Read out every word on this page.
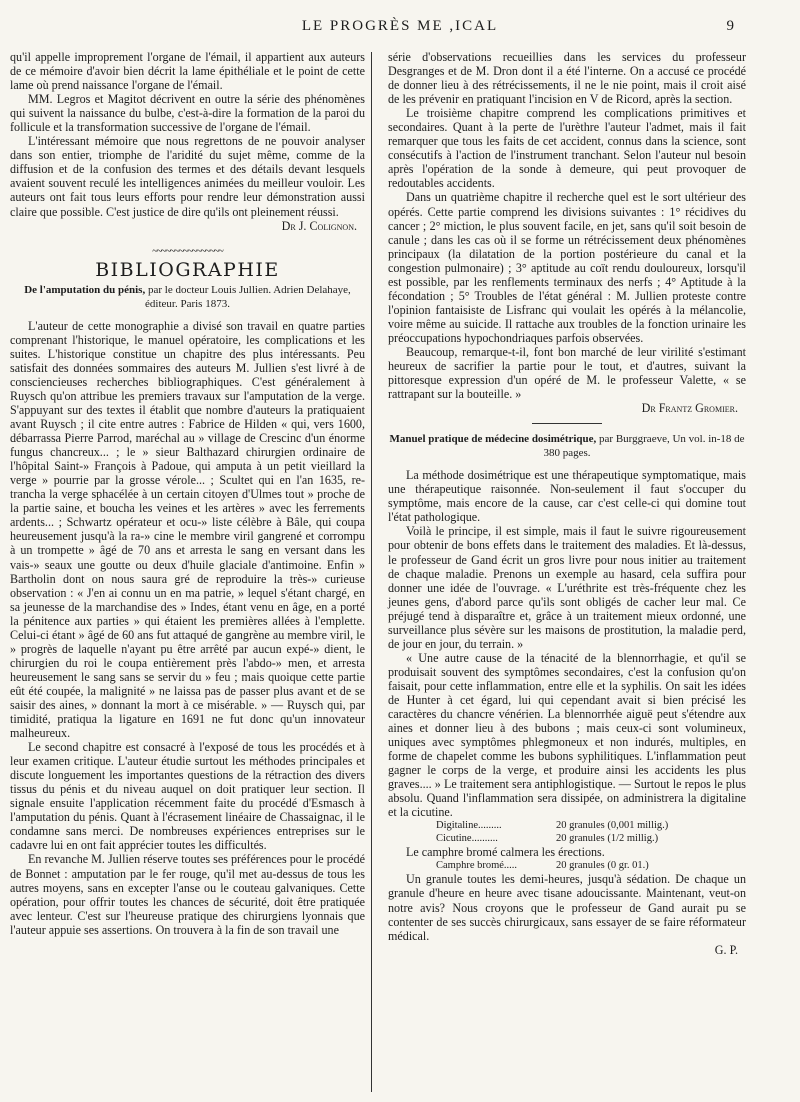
LE PROGRÈS ME ,ICAL	9

qu'il appelle improprement l'organe de l'émail, il appartient aux auteurs de ce mémoire d'avoir bien décrit la lame épithéliale et le point de cette lame où prend naissance l'organe de l'émail.

MM. Legros et Magitot décrivent en outre la série des phénomènes qui suivent la naissance du bulbe, c'est-à-dire la formation de la paroi du follicule et la transformation successive de l'organe de l'émail.

L'intéressant mémoire que nous regrettons de ne pouvoir analyser dans son entier, triomphe de l'aridité du sujet même, comme de la diffusion et de la confusion des termes et des détails devant lesquels avaient souvent reculé les intelligences animées du meilleur vouloir. Les auteurs ont fait tous leurs efforts pour rendre leur démonstration aussi claire que possible. C'est justice de dire qu'ils ont pleinement réussi.

Dr J. Colignon.

~~~~~~~~~~~~~~~~
BIBLIOGRAPHIE
De l'amputation du pénis, par le docteur Louis Jullien. Adrien Delahaye, éditeur. Paris 1873.

L'auteur de cette monographie a divisé son travail en quatre parties comprenant l'historique, le manuel opératoire, les complications et les suites. L'historique constitue un chapitre des plus intéressants. Peu satisfait des données sommaires des auteurs M. Jullien s'est livré à de consciencieuses recherches bibliographiques. C'est généralement à Ruysch qu'on attribue les premiers travaux sur l'amputation de la verge. S'appuyant sur des textes il établit que nombre d'auteurs la pratiquaient avant Ruysch ; il cite entre autres : Fabrice de Hilden « qui, vers 1600, débarrassa Pierre Parrod, maréchal au » village de Crescinc d'un énorme fungus chancreux... ; le » sieur Balthazard chirurgien ordinaire de l'hôpital Saint-» François à Padoue, qui amputa à un petit vieillard la verge » pourrie par la grosse vérole... ; Scultet qui en l'an 1635, re-tranchа la verge sphacélée à un certain citoyen d'Ulmes tout » proche de la partie saine, et boucha les veines et les artères » avec les ferrements ardents... ; Schwartz opérateur et ocu-» liste célèbre à Bâle, qui coupa heureusement jusqu'à la ra-» cine le membre viril gangrené et corrompu à un trompette » âgé de 70 ans et arresta le sang en versant dans les vais-» seaux une goutte ou deux d'huile glaciale d'antimoine. Enfin » Bartholin dont on nous saura gré de reproduire la très-» curieuse observation : « J'en ai connu un en ma patrie, » lequel s'étant chargé, en sa jeunesse de la marchandise des » Indes, étant venu en âge, en a porté la pénitence aux parties » qui étaient les premières allées à l'emplette. Celui-ci étant » âgé de 60 ans fut attaqué de gangrène au membre viril, le » progrès de laquelle n'ayant pu être arrêté par aucun expé-» dient, le chirurgien du roi le coupa entièrement près l'abdo-» men, et arresta heureusement le sang sans se servir du » feu ; mais quoique cette partie eût été coupée, la malignité » ne laissa pas de passer plus avant et de se saisir des aines, » donnant la mort à ce misérable. » — Ruysch qui, par timidité, pratiqua la ligature en 1691 ne fut donc qu'un innovateur malheureux.

Le second chapitre est consacré à l'exposé de tous les procédés et à leur examen critique. L'auteur étudie surtout les méthodes principales et discute longuement les importantes questions de la rétraction des divers tissus du pénis et du niveau auquel on doit pratiquer leur section. Il signale ensuite l'application récemment faite du procédé d'Esmasch à l'amputation du pénis. Quant à l'écrasement linéaire de Chassaignac, il le condamne sans merci. De nombreuses expériences entreprises sur le cadavre lui en ont fait apprécier toutes les difficultés.

En revanche M. Jullien réserve toutes ses préférences pour le procédé de Bonnet : amputation par le fer rouge, qu'il met au-dessus de tous les autres moyens, sans en excepter l'anse ou le couteau galvaniques. Cette opération, pour offrir toutes les chances de sécurité, doit être pratiquée avec lenteur. C'est sur l'heureuse pratique des chirurgiens lyonnais que l'auteur appuie ses assertions. On trouvera à la fin de son travail une

série d'observations recueillies dans les services du professeur Desgranges et de M. Dron dont il a été l'interne. On a accusé ce procédé de donner lieu à des rétrécissements, il ne le nie point, mais il croit aisé de les prévenir en pratiquant l'incision en V de Ricord, après la section.

Le troisième chapitre comprend les complications primitives et secondaires. Quant à la perte de l'urèthre l'auteur l'admet, mais il fait remarquer que tous les faits de cet accident, connus dans la science, sont consécutifs à l'action de l'instrument tranchant. Selon l'auteur nul besoin après l'opération de la sonde à demeure, qui peut provoquer de redoutables accidents.

Dans un quatrième chapitre il recherche quel est le sort ultérieur des opérés. Cette partie comprend les divisions suivantes : 1° récidives du cancer ; 2° miction, le plus souvent facile, en jet, sans qu'il soit besoin de canule ; dans les cas où il se forme un rétrécissement deux phénomènes principaux (la dilatation de la portion postérieure du canal et la congestion pulmonaire) ; 3° aptitude au coït rendu douloureux, lorsqu'il est possible, par les renflements terminaux des nerfs ; 4° Aptitude à la fécondation ; 5° Troubles de l'état général : M. Jullien proteste contre l'opinion fantaisiste de Lisfranc qui voulait les opérés à la mélancolie, voire même au suicide. Il rattache aux troubles de la fonction urinaire les préoccupations hypochondriaques parfois observées.

Beaucoup, remarque-t-il, font bon marché de leur virilité s'estimant heureux de sacrifier la partie pour le tout, et d'autres, suivant la pittoresque expression d'un opéré de M. le professeur Valette, « se rattrapant sur la bouteille. »

Dr Frantz Gromier.

Manuel pratique de médecine dosimétrique, par Burggraeve, Un vol. in-18 de 380 pages.

La méthode dosimétrique est une thérapeutique symptomatique, mais une thérapeutique raisonnée. Non-seulement il faut s'occuper du symptôme, mais encore de la cause, car c'est celle-ci qui domine tout l'état pathologique.

Voilà le principe, il est simple, mais il faut le suivre rigoureusement pour obtenir de bons effets dans le traitement des maladies. Et là-dessus, le professeur de Gand écrit un gros livre pour nous initier au traitement de chaque maladie. Prenons un exemple au hasard, cela suffira pour donner une idée de l'ouvrage. « L'uréthrite est très-fréquente chez les jeunes gens, d'abord parce qu'ils sont obligés de cacher leur mal. Ce préjugé tend à disparaître et, grâce à un traitement mieux ordonné, une surveillance plus sévère sur les maisons de prostitution, la maladie perd, de jour en jour, du terrain. »

« Une autre cause de la ténacité de la blennorrhagie, et qu'il se produisait souvent des symptômes secondaires, c'est la confusion qu'on faisait, pour cette inflammation, entre elle et la syphilis. On sait les idées de Hunter à cet égard, lui qui cependant avait si bien précisé les caractères du chancre vénérien. La blennorrhée aiguë peut s'étendre aux aines et donner lieu à des bubons ; mais ceux-ci sont volumineux, uniques avec symptômes phlegmoneux et non indurés, multiples, en forme de chapelet comme les bubons syphilitiques. L'inflammation peut gagner le corps de la verge, et produire ainsi les accidents les plus graves.... » Le traitement sera antiphlogistique. — Surtout le repos le plus absolu. Quand l'inflammation sera dissipée, on administrera la digitaline et la cicutine.

Digitaline.........	20 granules (0,001 millig.)
Cicutine..........	20 granules (1/2 millig.)

Le camphre bromé calmera les érections.

Camphre bromé.....	20 granules (0 gr. 01.)

Un granule toutes les demi-heures, jusqu'à sédation. De chaque un granule d'heure en heure avec tisane adoucissante. Maintenant, veut-on notre avis? Nous croyons que le professeur de Gand aurait pu se contenter de ses succès chirurgicaux, sans essayer de se faire réformateur médical.

G. P.
